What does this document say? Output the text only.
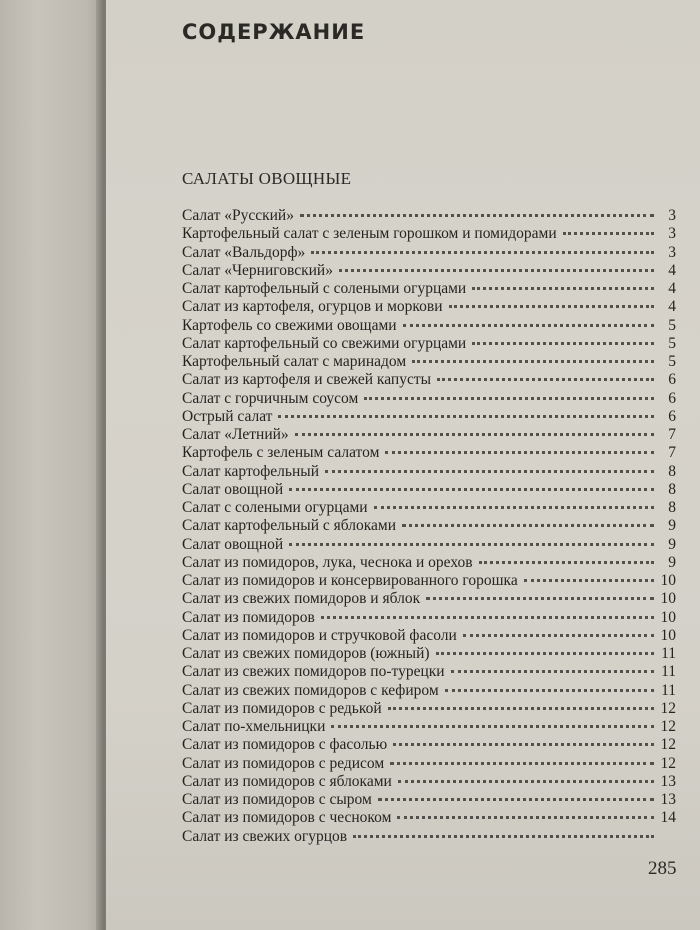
СОДЕРЖАНИЕ
САЛАТЫ ОВОЩНЫЕ
Салат «Русский»	3
Картофельный салат с зеленым горошком и помидорами	3
Салат «Вальдорф»	3
Салат «Черниговский»	4
Салат картофельный с солеными огурцами	4
Салат из картофеля, огурцов и моркови	4
Картофель со свежими овощами	5
Салат картофельный со свежими огурцами	5
Картофельный салат с маринадом	5
Салат из картофеля и свежей капусты	6
Салат с горчичным соусом	6
Острый салат	6
Салат «Летний»	7
Картофель с зеленым салатом	7
Салат картофельный	8
Салат овощной	8
Салат с солеными огурцами	8
Салат картофельный с яблоками	9
Салат овощной	9
Салат из помидоров, лука, чеснока и орехов	9
Салат из помидоров и консервированного горошка	10
Салат из свежих помидоров и яблок	10
Салат из помидоров	10
Салат из помидоров и стручковой фасоли	10
Салат из свежих помидоров (южный)	11
Салат из свежих помидоров по-турецки	11
Салат из свежих помидоров с кефиром	11
Салат из помидоров с редькой	12
Салат по-хмельницки	12
Салат из помидоров с фасолью	12
Салат из помидоров с редисом	12
Салат из помидоров с яблоками	13
Салат из помидоров с сыром	13
Салат из помидоров с чесноком	14
Салат из свежих огурцов
285
